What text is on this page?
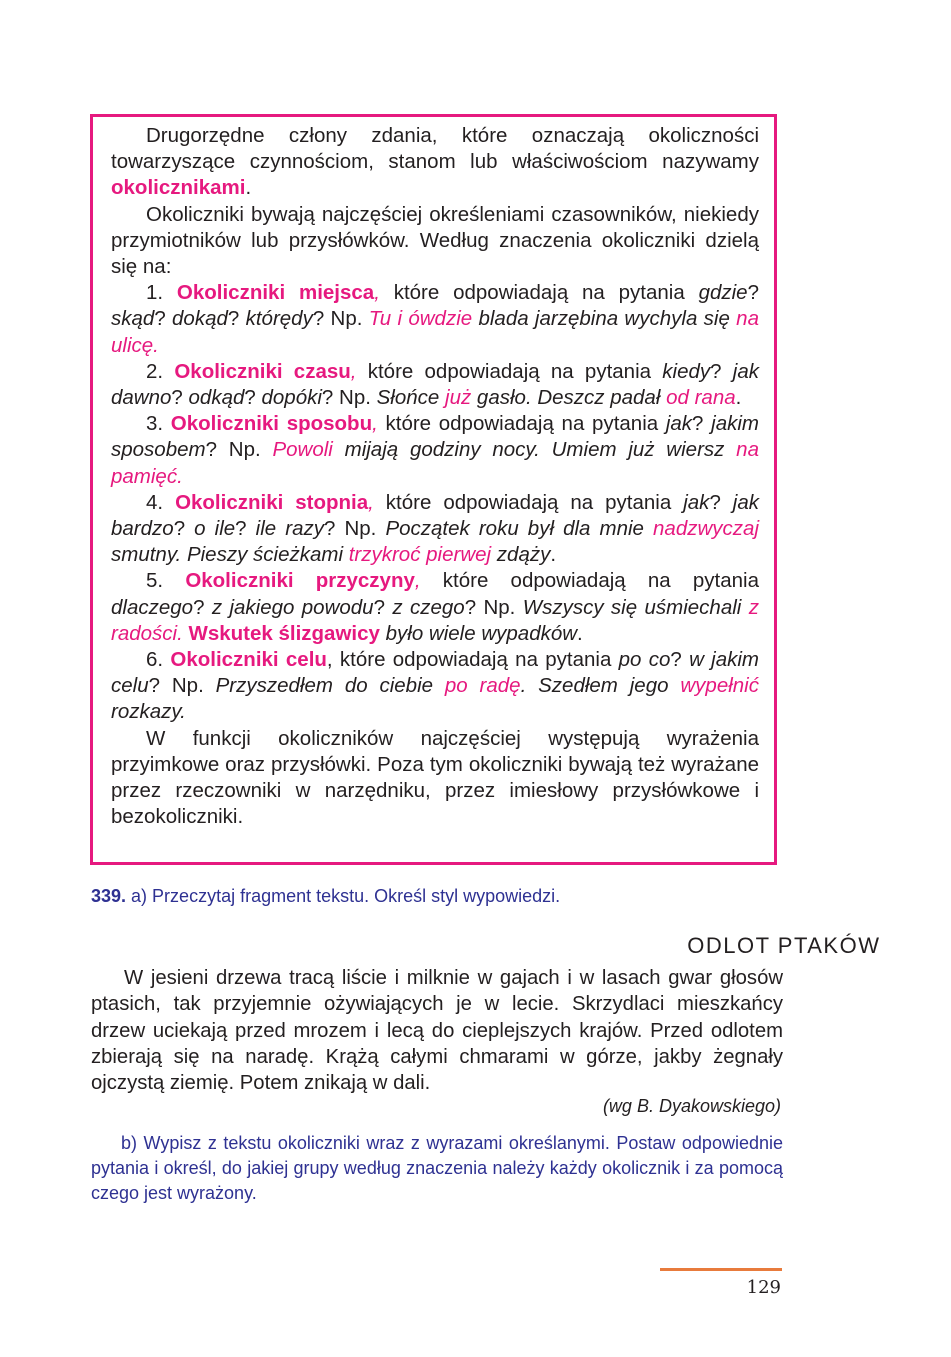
Drugorzędne człony zdania, które oznaczają okoliczności towarzyszące czynnościom, stanom lub właściwościom nazywamy okolicznikami.

Okoliczniki bywają najczęściej określeniami czasowników, niekiedy przymiotników lub przysłówków. Według znaczenia okoliczniki dzielą się na:

1. Okoliczniki miejsca, które odpowiadają na pytania gdzie? skąd? dokąd? którędy? Np. Tu i ówdzie blada jarzębina wychyla się na ulicę.

2. Okoliczniki czasu, które odpowiadają na pytania kiedy? jak dawno? odkąd? dopóki? Np. Słońce już gasło. Deszcz padał od rana.

3. Okoliczniki sposobu, które odpowiadają na pytania jak? jakim sposobem? Np. Powoli mijają godziny nocy. Umiem już wiersz na pamięć.

4. Okoliczniki stopnia, które odpowiadają na pytania jak? jak bardzo? o ile? ile razy? Np. Początek roku był dla mnie nadzwyczaj smutny. Pieszy ścieżkami trzykroć pierwej zdąży.

5. Okoliczniki przyczyny, które odpowiadają na pytania dlaczego? z jakiego powodu? z czego? Np. Wszyscy się uśmiechali z radości. Wskutek ślizgawicy było wiele wypadków.

6. Okoliczniki celu, które odpowiadają na pytania po co? w jakim celu? Np. Przyszedłem do ciebie po radę. Szedłem jego wypełnić rozkazy.

W funkcji okoliczników najczęściej występują wyrażenia przyimkowe oraz przysłówki. Poza tym okoliczniki bywają też wyrażane przez rzeczowniki w narzędniku, przez imiesłowy przysłówkowe i bezokoliczniki.

339. a) Przeczytaj fragment tekstu. Określ styl wypowiedzi.
ODLOT PTAKÓW

W jesieni drzewa tracą liście i milknie w gajach i w lasach gwar głosów ptasich, tak przyjemnie ożywiających je w lecie. Skrzydlaci mieszkańcy drzew uciekają przed mrozem i lecą do cieplejszych krajów. Przed odlotem zbierają się na naradę. Krążą całymi chmarami w górze, jakby żegnały ojczystą ziemię. Potem znikają w dali.

(wg B. Dyakowskiego)

b) Wypisz z tekstu okoliczniki wraz z wyrazami określanymi. Postaw odpowiednie pytania i określ, do jakiej grupy według znaczenia należy każdy okolicznik i za pomocą czego jest wyrażony.

129
